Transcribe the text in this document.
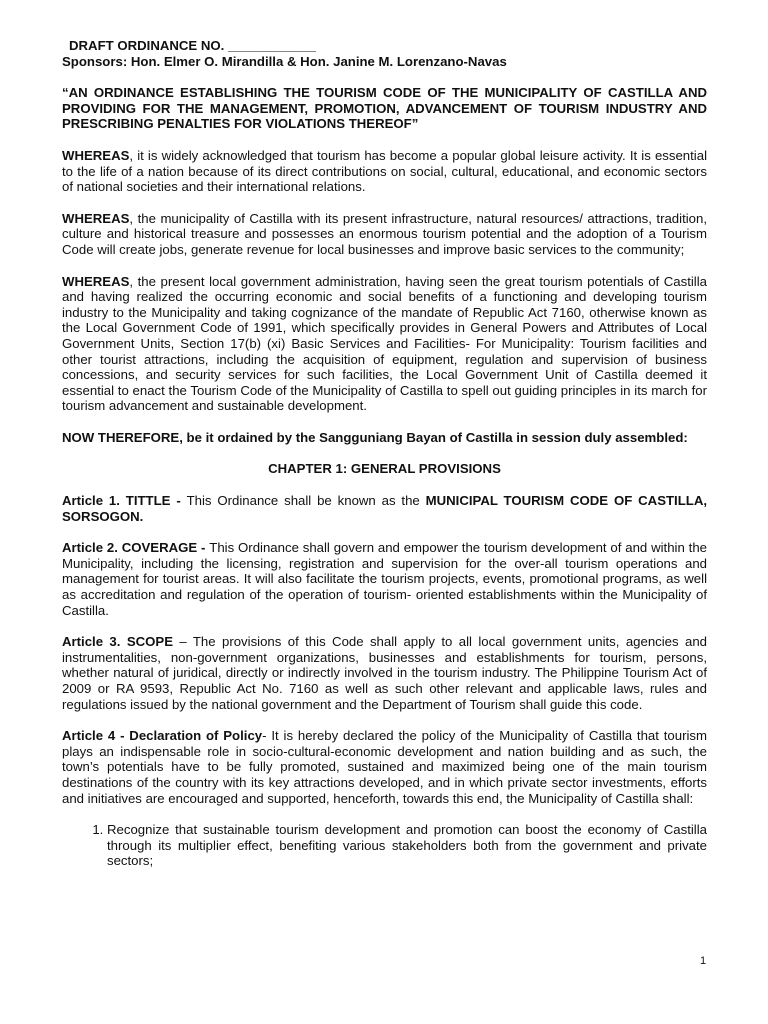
DRAFT ORDINANCE NO. ____________
Sponsors: Hon. Elmer O. Mirandilla & Hon. Janine M. Lorenzano-Navas

“AN ORDINANCE ESTABLISHING THE TOURISM CODE OF THE MUNICIPALITY OF CASTILLA AND PROVIDING FOR THE MANAGEMENT, PROMOTION, ADVANCEMENT OF TOURISM INDUSTRY AND PRESCRIBING PENALTIES FOR VIOLATIONS THEREOF”

WHEREAS, it is widely acknowledged that tourism has become a popular global leisure activity. It is essential to the life of a nation because of its direct contributions on social, cultural, educational, and economic sectors of national societies and their international relations.

WHEREAS, the municipality of Castilla with its present infrastructure, natural resources/ attractions, tradition, culture and historical treasure and possesses an enormous tourism potential and the adoption of a Tourism Code will create jobs, generate revenue for local businesses and improve basic services to the community;

WHEREAS, the present local government administration, having seen the great tourism potentials of Castilla and having realized the occurring economic and social benefits of a functioning and developing tourism industry to the Municipality and taking cognizance of the mandate of Republic Act 7160, otherwise known as the Local Government Code of 1991, which specifically provides in General Powers and Attributes of Local Government Units, Section 17(b) (xi) Basic Services and Facilities- For Municipality: Tourism facilities and other tourist attractions, including the acquisition of equipment, regulation and supervision of business concessions, and security services for such facilities, the Local Government Unit of Castilla deemed it essential to enact the Tourism Code of the Municipality of Castilla to spell out guiding principles in its march for tourism advancement and sustainable development.

NOW THEREFORE, be it ordained by the Sangguniang Bayan of Castilla in session duly assembled:

CHAPTER 1: GENERAL PROVISIONS

Article 1. TITTLE - This Ordinance shall be known as the MUNICIPAL TOURISM CODE OF CASTILLA, SORSOGON.

Article 2. COVERAGE - This Ordinance shall govern and empower the tourism development of and within the Municipality, including the licensing, registration and supervision for the over-all tourism operations and management for tourist areas. It will also facilitate the tourism projects, events, promotional programs, as well as accreditation and regulation of the operation of tourism- oriented establishments within the Municipality of Castilla.

Article 3. SCOPE – The provisions of this Code shall apply to all local government units, agencies and instrumentalities, non-government organizations, businesses and establishments for tourism, persons, whether natural of juridical, directly or indirectly involved in the tourism industry. The Philippine Tourism Act of 2009 or RA 9593, Republic Act No. 7160 as well as such other relevant and applicable laws, rules and regulations issued by the national government and the Department of Tourism shall guide this code.

Article 4 - Declaration of Policy- It is hereby declared the policy of the Municipality of Castilla that tourism plays an indispensable role in socio-cultural-economic development and nation building and as such, the town’s potentials have to be fully promoted, sustained and maximized being one of the main tourism destinations of the country with its key attractions developed, and in which private sector investments, efforts and initiatives are encouraged and supported, henceforth, towards this end, the Municipality of Castilla shall:

1. Recognize that sustainable tourism development and promotion can boost the economy of Castilla through its multiplier effect, benefiting various stakeholders both from the government and private sectors;
1
